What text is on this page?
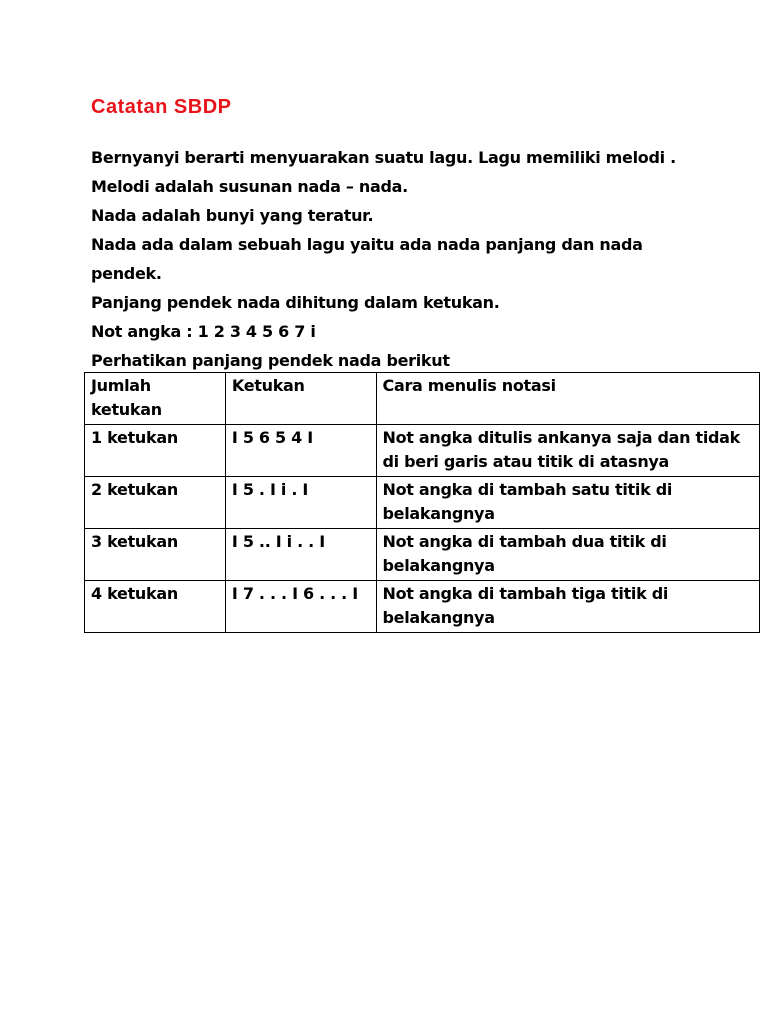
Catatan SBDP

Bernyanyi berarti menyuarakan suatu lagu. Lagu memiliki melodi .

Melodi adalah susunan nada – nada.

Nada adalah bunyi yang teratur.

Nada ada dalam sebuah lagu yaitu ada nada panjang dan nada

pendek.

Panjang pendek nada dihitung dalam ketukan.

Not angka : 1 2 3 4 5 6 7 i

Perhatikan panjang pendek nada berikut

Jumlah ketukan	Ketukan	Cara menulis notasi
1 ketukan	I 5 6 5 4 I	Not angka ditulis ankanya saja dan tidak di beri garis atau titik di atasnya
2 ketukan	I 5 . I i . I	Not angka di tambah satu titik di belakangnya
3 ketukan	I 5 .. I i . . I	Not angka di tambah dua titik di belakangnya
4 ketukan	I 7 . . . I 6 . . . I	Not angka di tambah tiga titik di belakangnya
